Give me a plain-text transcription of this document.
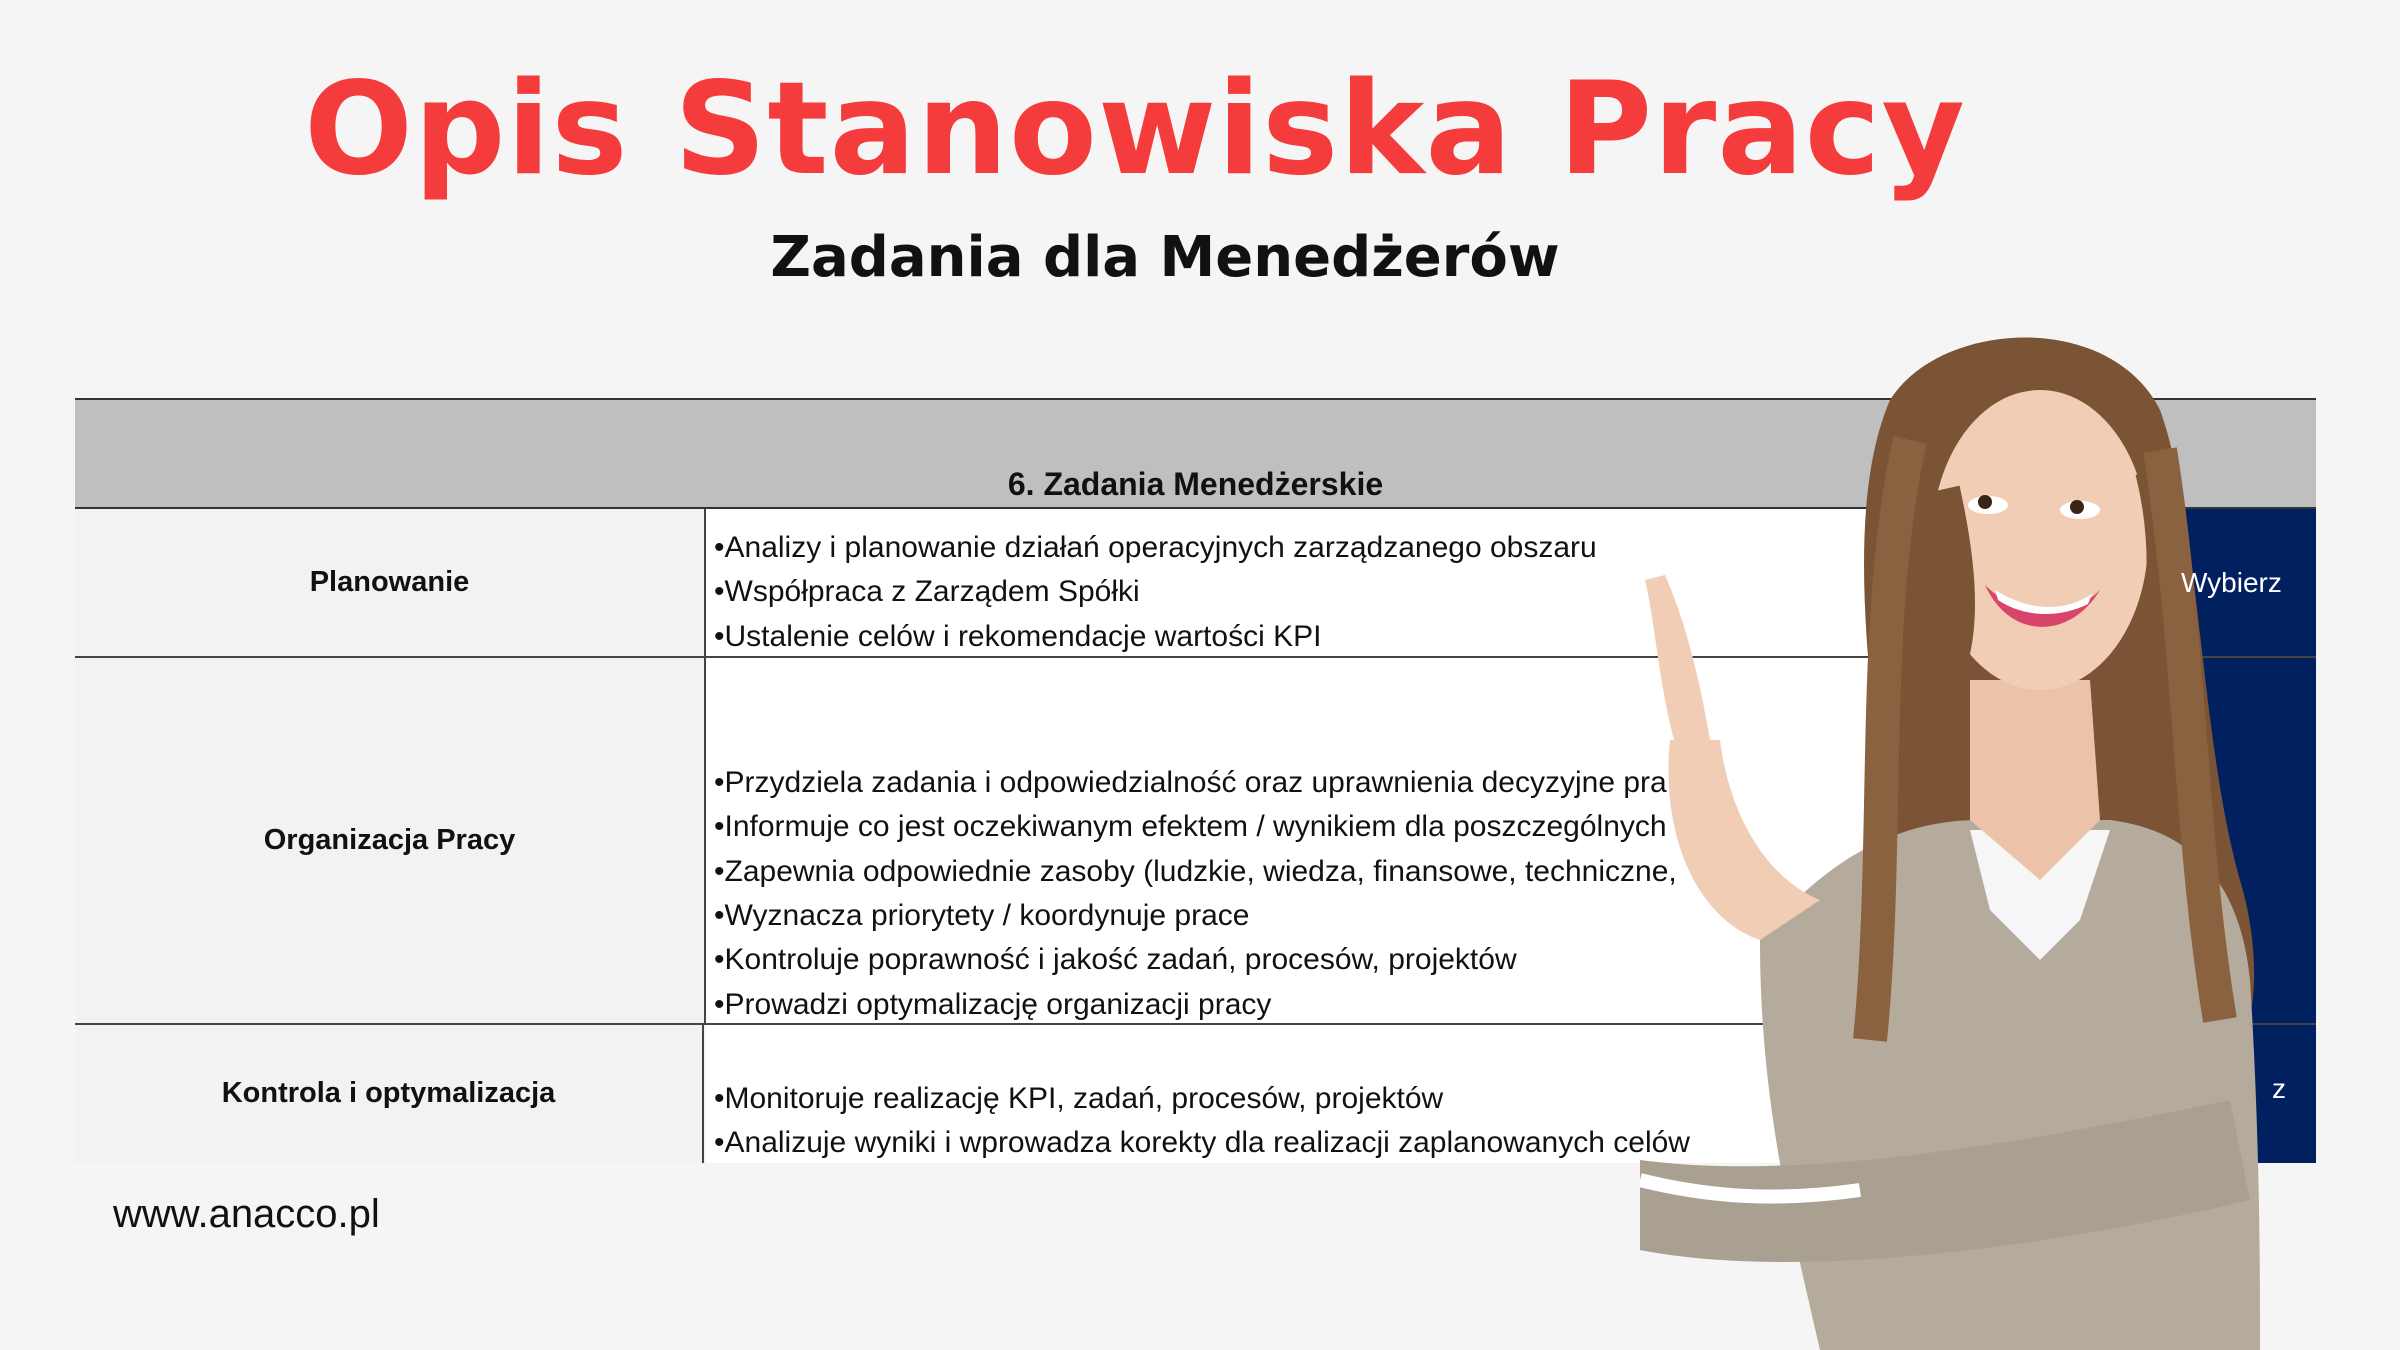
Opis Stanowiska Pracy
Zadania dla Menedżerów
6. Zadania Menedżerskie
Planowanie
•Analizy i planowanie działań operacyjnych zarządzanego obszaru
•Współpraca z Zarządem Spółki
•Ustalenie celów i rekomendacje wartości KPI
Wybierz
Organizacja Pracy
•Przydziela zadania i odpowiedzialność oraz uprawnienia decyzyjne pra
•Informuje co jest oczekiwanym efektem / wynikiem dla poszczególnych
•Zapewnia odpowiednie zasoby (ludzkie, wiedza, finansowe, techniczne,
•Wyznacza priorytety / koordynuje prace
•Kontroluje poprawność i jakość zadań, procesów, projektów
•Prowadzi optymalizację organizacji pracy
Kontrola i optymalizacja	•Monitoruje realizację KPI, zadań, procesów, projektów
•Analizuje wyniki i wprowadza korekty dla realizacji zaplanowanych celów
z
www.anacco.pl
